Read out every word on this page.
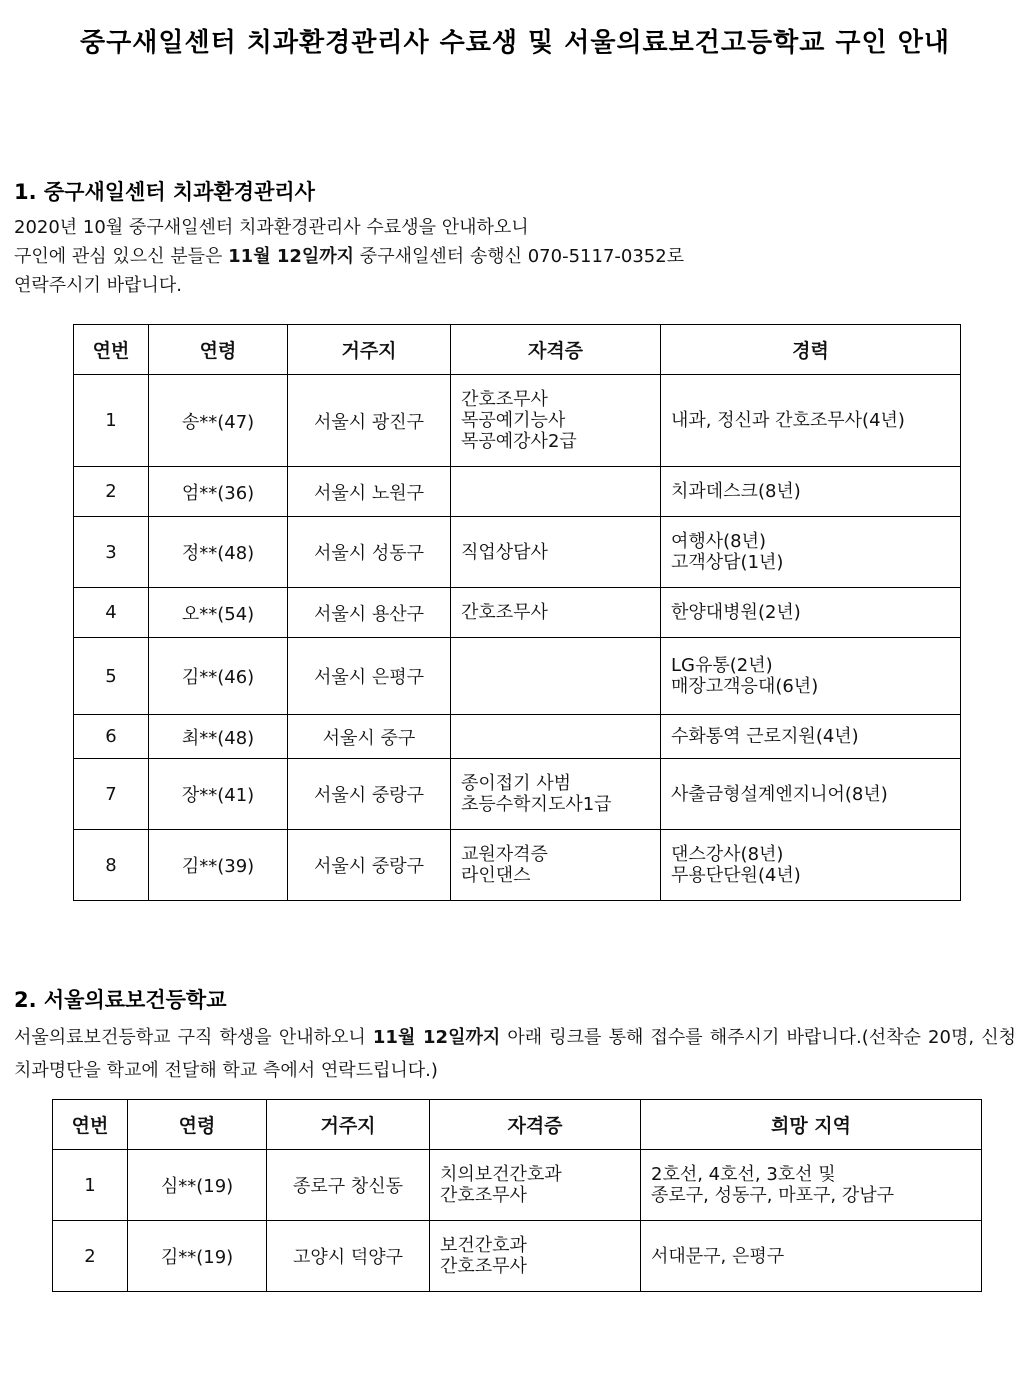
중구새일센터 치과환경관리사 수료생 및 서울의료보건고등학교 구인 안내
1. 중구새일센터 치과환경관리사
2020년 10월 중구새일센터 치과환경관리사 수료생을 안내하오니
구인에 관심 있으신 분들은 11월 12일까지 중구새일센터 송행신 070-5117-0352로
연락주시기 바랍니다.
연번	연령	거주지	자격증	경력
1	송**(47)	서울시 광진구	간호조무사
목공예기능사
목공예강사2급	내과, 정신과 간호조무사(4년)

2	엄**(36)	서울시 노원구		치과데스크(8년)

3	정**(48)	서울시 성동구	직업상담사	여행사(8년)
고객상담(1년)

4	오**(54)	서울시 용산구	간호조무사	한양대병원(2년)

5	김**(46)	서울시 은평구		LG유통(2년)
매장고객응대(6년)

6	최**(48)	서울시 중구		수화통역 근로지원(4년)

7	장**(41)	서울시 중랑구	종이접기 사범
초등수학지도사1급	사출금형설계엔지니어(8년)

8	김**(39)	서울시 중랑구	교원자격증
라인댄스	댄스강사(8년)
무용단단원(4년)
2. 서울의료보건등학교
서울의료보건등학교 구직 학생을 안내하오니 11월 12일까지 아래 링크를 통해 접수를 해주시기 바랍니다.(선착순 20명, 신청 치과명단을 학교에 전달해 학교 측에서 연락드립니다.)
연번	연령	거주지	자격증	희망 지역
1	심**(19)	종로구 창신동	치의보건간호과
간호조무사	2호선, 4호선, 3호선 및
종로구, 성동구, 마포구, 강남구

2	김**(19)	고양시 덕양구	보건간호과
간호조무사	서대문구, 은평구
